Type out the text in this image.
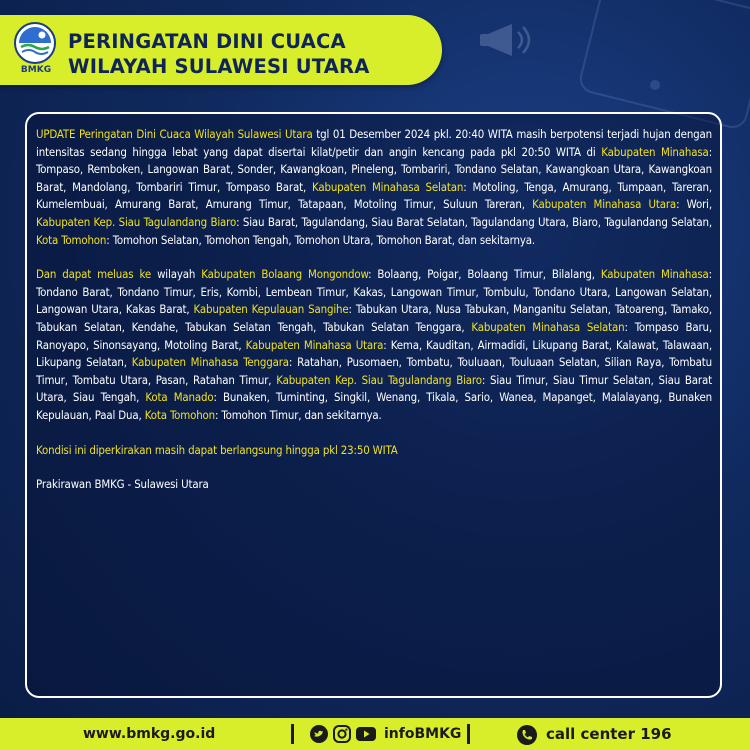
BMKG
PERINGATAN DINI CUACA
WILAYAH SULAWESI UTARA

UPDATE Peringatan Dini Cuaca Wilayah Sulawesi Utara tgl 01 Desember 2024 pkl. 20:40 WITA masih berpotensi terjadi hujan dengan intensitas sedang hingga lebat yang dapat disertai kilat/petir dan angin kencang pada pkl 20:50 WITA di Kabupaten Minahasa: Tompaso, Remboken, Langowan Barat, Sonder, Kawangkoan, Pineleng, Tombariri, Tondano Selatan, Kawangkoan Utara, Kawangkoan Barat, Mandolang, Tombariri Timur, Tompaso Barat, Kabupaten Minahasa Selatan: Motoling, Tenga, Amurang, Tumpaan, Tareran, Kumelembuai, Amurang Barat, Amurang Timur, Tatapaan, Motoling Timur, Suluun Tareran, Kabupaten Minahasa Utara: Wori, Kabupaten Kep. Siau Tagulandang Biaro: Siau Barat, Tagulandang, Siau Barat Selatan, Tagulandang Utara, Biaro, Tagulandang Selatan, Kota Tomohon: Tomohon Selatan, Tomohon Tengah, Tomohon Utara, Tomohon Barat, dan sekitarnya.

Dan dapat meluas ke wilayah Kabupaten Bolaang Mongondow: Bolaang, Poigar, Bolaang Timur, Bilalang, Kabupaten Minahasa: Tondano Barat, Tondano Timur, Eris, Kombi, Lembean Timur, Kakas, Langowan Timur, Tombulu, Tondano Utara, Langowan Selatan, Langowan Utara, Kakas Barat, Kabupaten Kepulauan Sangihe: Tabukan Utara, Nusa Tabukan, Manganitu Selatan, Tatoareng, Tamako, Tabukan Selatan, Kendahe, Tabukan Selatan Tengah, Tabukan Selatan Tenggara, Kabupaten Minahasa Selatan: Tompaso Baru, Ranoyapo, Sinonsayang, Motoling Barat, Kabupaten Minahasa Utara: Kema, Kauditan, Airmadidi, Likupang Barat, Kalawat, Talawaan, Likupang Selatan, Kabupaten Minahasa Tenggara: Ratahan, Pusomaen, Tombatu, Touluaan, Touluaan Selatan, Silian Raya, Tombatu Timur, Tombatu Utara, Pasan, Ratahan Timur, Kabupaten Kep. Siau Tagulandang Biaro: Siau Timur, Siau Timur Selatan, Siau Barat Utara, Siau Tengah, Kota Manado: Bunaken, Tuminting, Singkil, Wenang, Tikala, Sario, Wanea, Mapanget, Malalayang, Bunaken Kepulauan, Paal Dua, Kota Tomohon: Tomohon Timur, dan sekitarnya.

Kondisi ini diperkirakan masih dapat berlangsung hingga pkl 23:50 WITA

Prakirawan BMKG - Sulawesi Utara

www.bmkg.go.id	infoBMKG	call center 196
